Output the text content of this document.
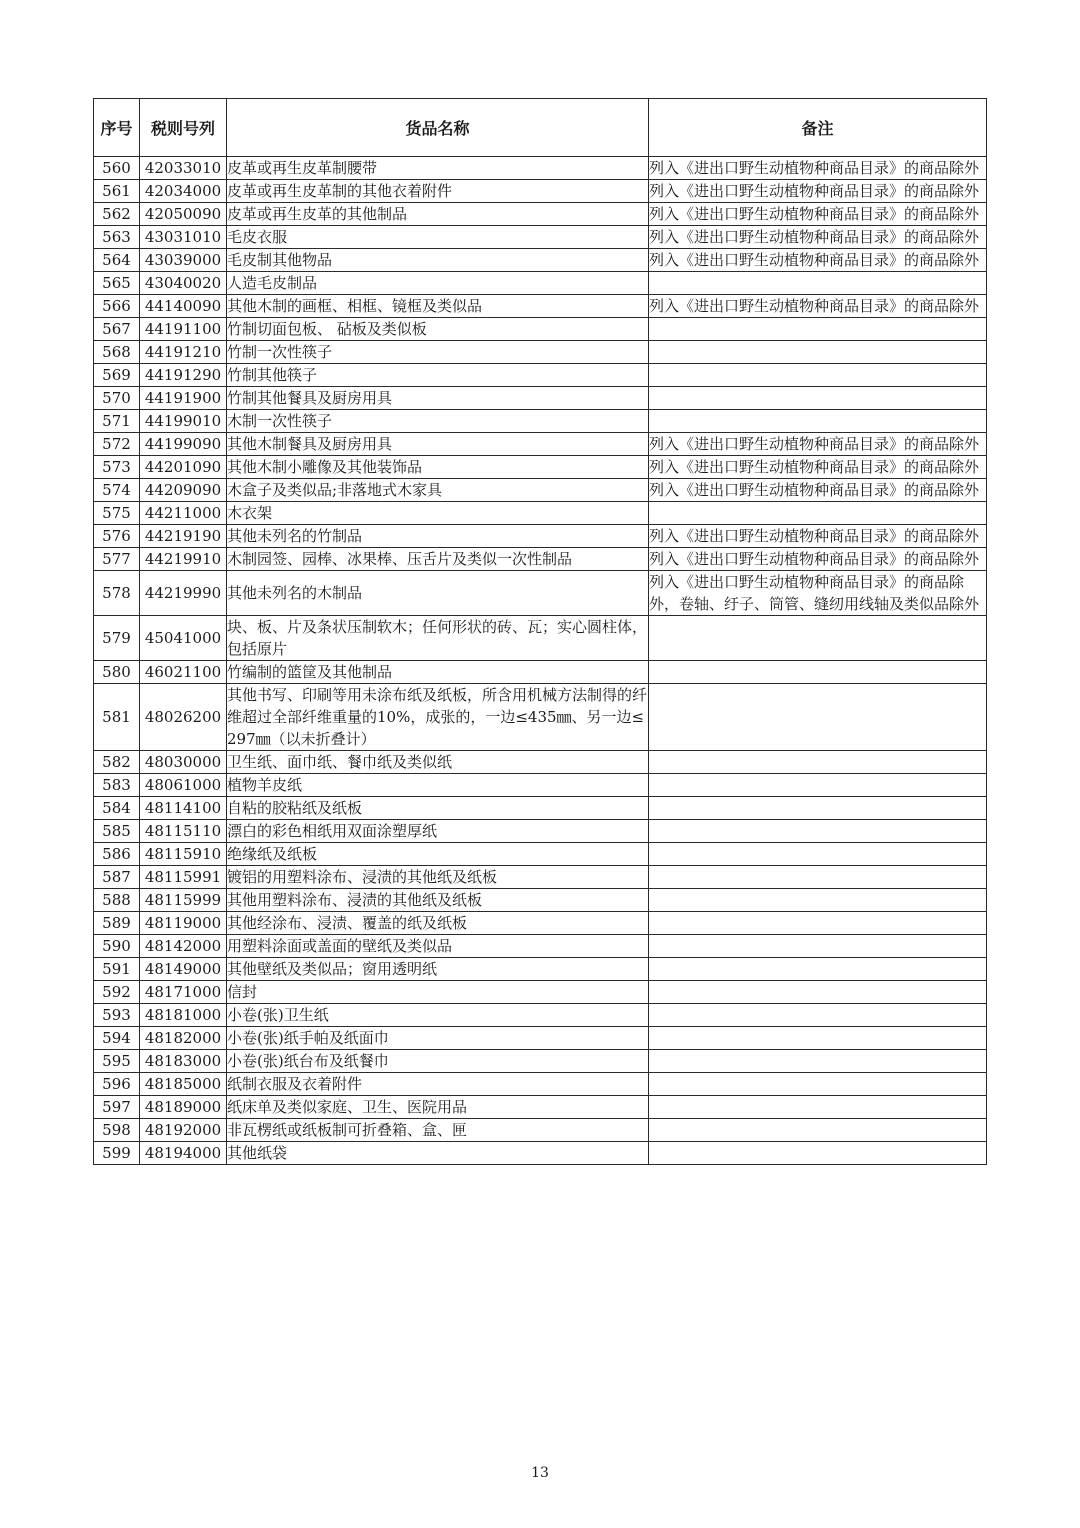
序号	税则号列	货品名称	备注
560	42033010	皮革或再生皮革制腰带	列入《进出口野生动植物种商品目录》的商品除外
561	42034000	皮革或再生皮革制的其他衣着附件	列入《进出口野生动植物种商品目录》的商品除外
562	42050090	皮革或再生皮革的其他制品	列入《进出口野生动植物种商品目录》的商品除外
563	43031010	毛皮衣服	列入《进出口野生动植物种商品目录》的商品除外
564	43039000	毛皮制其他物品	列入《进出口野生动植物种商品目录》的商品除外
565	43040020	人造毛皮制品	
566	44140090	其他木制的画框、相框、镜框及类似品	列入《进出口野生动植物种商品目录》的商品除外
567	44191100	竹制切面包板、 砧板及类似板	
568	44191210	竹制一次性筷子	
569	44191290	竹制其他筷子	
570	44191900	竹制其他餐具及厨房用具	
571	44199010	木制一次性筷子	
572	44199090	其他木制餐具及厨房用具	列入《进出口野生动植物种商品目录》的商品除外
573	44201090	其他木制小雕像及其他装饰品	列入《进出口野生动植物种商品目录》的商品除外
574	44209090	木盒子及类似品;非落地式木家具	列入《进出口野生动植物种商品目录》的商品除外
575	44211000	木衣架	
576	44219190	其他未列名的竹制品	列入《进出口野生动植物种商品目录》的商品除外
577	44219910	木制园签、园棒、冰果棒、压舌片及类似一次性制品	列入《进出口野生动植物种商品目录》的商品除外
578	44219990	其他未列名的木制品	列入《进出口野生动植物种商品目录》的商品除外，卷轴、纡子、筒管、缝纫用线轴及类似品除外
579	45041000	块、板、片及条状压制软木；任何形状的砖、瓦；实心圆柱体，包括原片	
580	46021100	竹编制的篮筐及其他制品	
581	48026200	其他书写、印刷等用未涂布纸及纸板，所含用机械方法制得的纤维超过全部纤维重量的10%，成张的，一边≤435㎜、另一边≤297㎜（以未折叠计）	
582	48030000	卫生纸、面巾纸、餐巾纸及类似纸	
583	48061000	植物羊皮纸	
584	48114100	自粘的胶粘纸及纸板	
585	48115110	漂白的彩色相纸用双面涂塑厚纸	
586	48115910	绝缘纸及纸板	
587	48115991	镀铝的用塑料涂布、浸渍的其他纸及纸板	
588	48115999	其他用塑料涂布、浸渍的其他纸及纸板	
589	48119000	其他经涂布、浸渍、覆盖的纸及纸板	
590	48142000	用塑料涂面或盖面的壁纸及类似品	
591	48149000	其他壁纸及类似品；窗用透明纸	
592	48171000	信封	
593	48181000	小卷(张)卫生纸	
594	48182000	小卷(张)纸手帕及纸面巾	
595	48183000	小卷(张)纸台布及纸餐巾	
596	48185000	纸制衣服及衣着附件	
597	48189000	纸床单及类似家庭、卫生、医院用品	
598	48192000	非瓦楞纸或纸板制可折叠箱、盒、匣	
599	48194000	其他纸袋	
13
